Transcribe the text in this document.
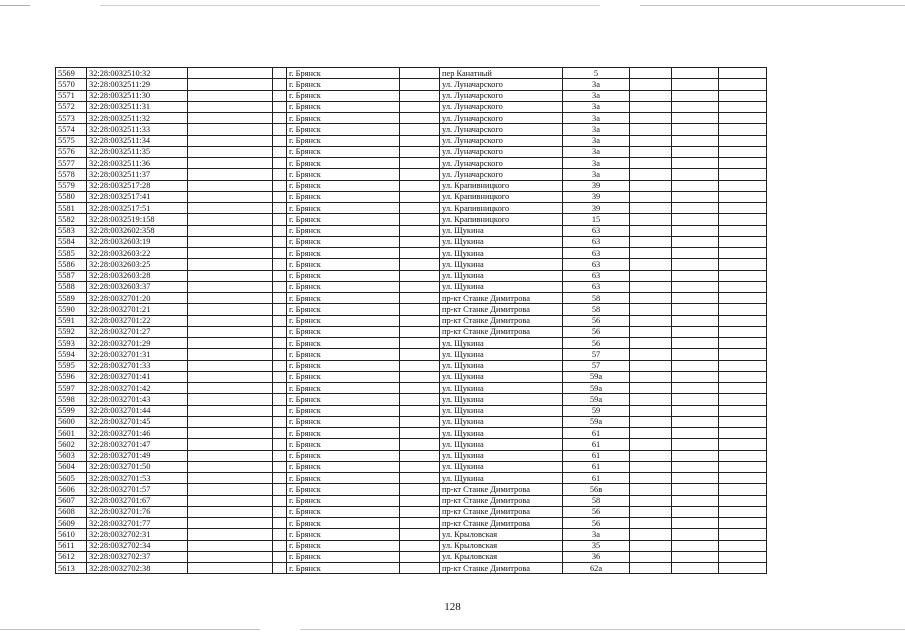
5569	32:28:0032510:32			г. Брянск		пер Канатный	5			
5570	32:28:0032511:29			г. Брянск		ул. Луначарского	3а			
5571	32:28:0032511:30			г. Брянск		ул. Луначарского	3а			
5572	32:28:0032511:31			г. Брянск		ул. Луначарского	3а			
5573	32:28:0032511:32			г. Брянск		ул. Луначарского	3а			
5574	32:28:0032511:33			г. Брянск		ул. Луначарского	3а			
5575	32:28:0032511:34			г. Брянск		ул. Луначарского	3а			
5576	32:28:0032511:35			г. Брянск		ул. Луначарского	3а			
5577	32:28:0032511:36			г. Брянск		ул. Луначарского	3а			
5578	32:28:0032511:37			г. Брянск		ул. Луначарского	3а			
5579	32:28:0032517:28			г. Брянск		ул. Крапивницкого	39			
5580	32:28:0032517:41			г. Брянск		ул. Крапивницкого	39			
5581	32:28:0032517:51			г. Брянск		ул. Крапивницкого	39			
5582	32:28:0032519:158			г. Брянск		ул. Крапивницкого	15			
5583	32:28:0032602:358			г. Брянск		ул. Щукина	63			
5584	32:28:0032603:19			г. Брянск		ул. Щукина	63			
5585	32:28:0032603:22			г. Брянск		ул. Щукина	63			
5586	32:28:0032603:25			г. Брянск		ул. Щукина	63			
5587	32:28:0032603:28			г. Брянск		ул. Щукина	63			
5588	32:28:0032603:37			г. Брянск		ул. Щукина	63			
5589	32:28:0032701:20			г. Брянск		пр-кт Станке Димитрова	58			
5590	32:28:0032701:21			г. Брянск		пр-кт Станке Димитрова	58			
5591	32:28:0032701:22			г. Брянск		пр-кт Станке Димитрова	56			
5592	32:28:0032701:27			г. Брянск		пр-кт Станке Димитрова	56			
5593	32:28:0032701:29			г. Брянск		ул. Щукина	56			
5594	32:28:0032701:31			г. Брянск		ул. Щукина	57			
5595	32:28:0032701:33			г. Брянск		ул. Щукина	57			
5596	32:28:0032701:41			г. Брянск		ул. Щукина	59а			
5597	32:28:0032701:42			г. Брянск		ул. Щукина	59а			
5598	32:28:0032701:43			г. Брянск		ул. Щукина	59а			
5599	32:28:0032701:44			г. Брянск		ул. Щукина	59			
5600	32:28:0032701:45			г. Брянск		ул. Щукина	59а			
5601	32:28:0032701:46			г. Брянск		ул. Щукина	61			
5602	32:28:0032701:47			г. Брянск		ул. Щукина	61			
5603	32:28:0032701:49			г. Брянск		ул. Щукина	61			
5604	32:28:0032701:50			г. Брянск		ул. Щукина	61			
5605	32:28:0032701:53			г. Брянск		ул. Щукина	61			
5606	32:28:0032701:57			г. Брянск		пр-кт Станке Димитрова	56в			
5607	32:28:0032701:67			г. Брянск		пр-кт Станке Димитрова	58			
5608	32:28:0032701:76			г. Брянск		пр-кт Станке Димитрова	56			
5609	32:28:0032701:77			г. Брянск		пр-кт Станке Димитрова	56			
5610	32:28:0032702:31			г. Брянск		ул. Крыловская	3а			
5611	32:28:0032702:34			г. Брянск		ул. Крыловская	35			
5612	32:28:0032702:37			г. Брянск		ул. Крыловская	36			
5613	32:28:0032702:38			г. Брянск		пр-кт Станке Димитрова	62а			
128
